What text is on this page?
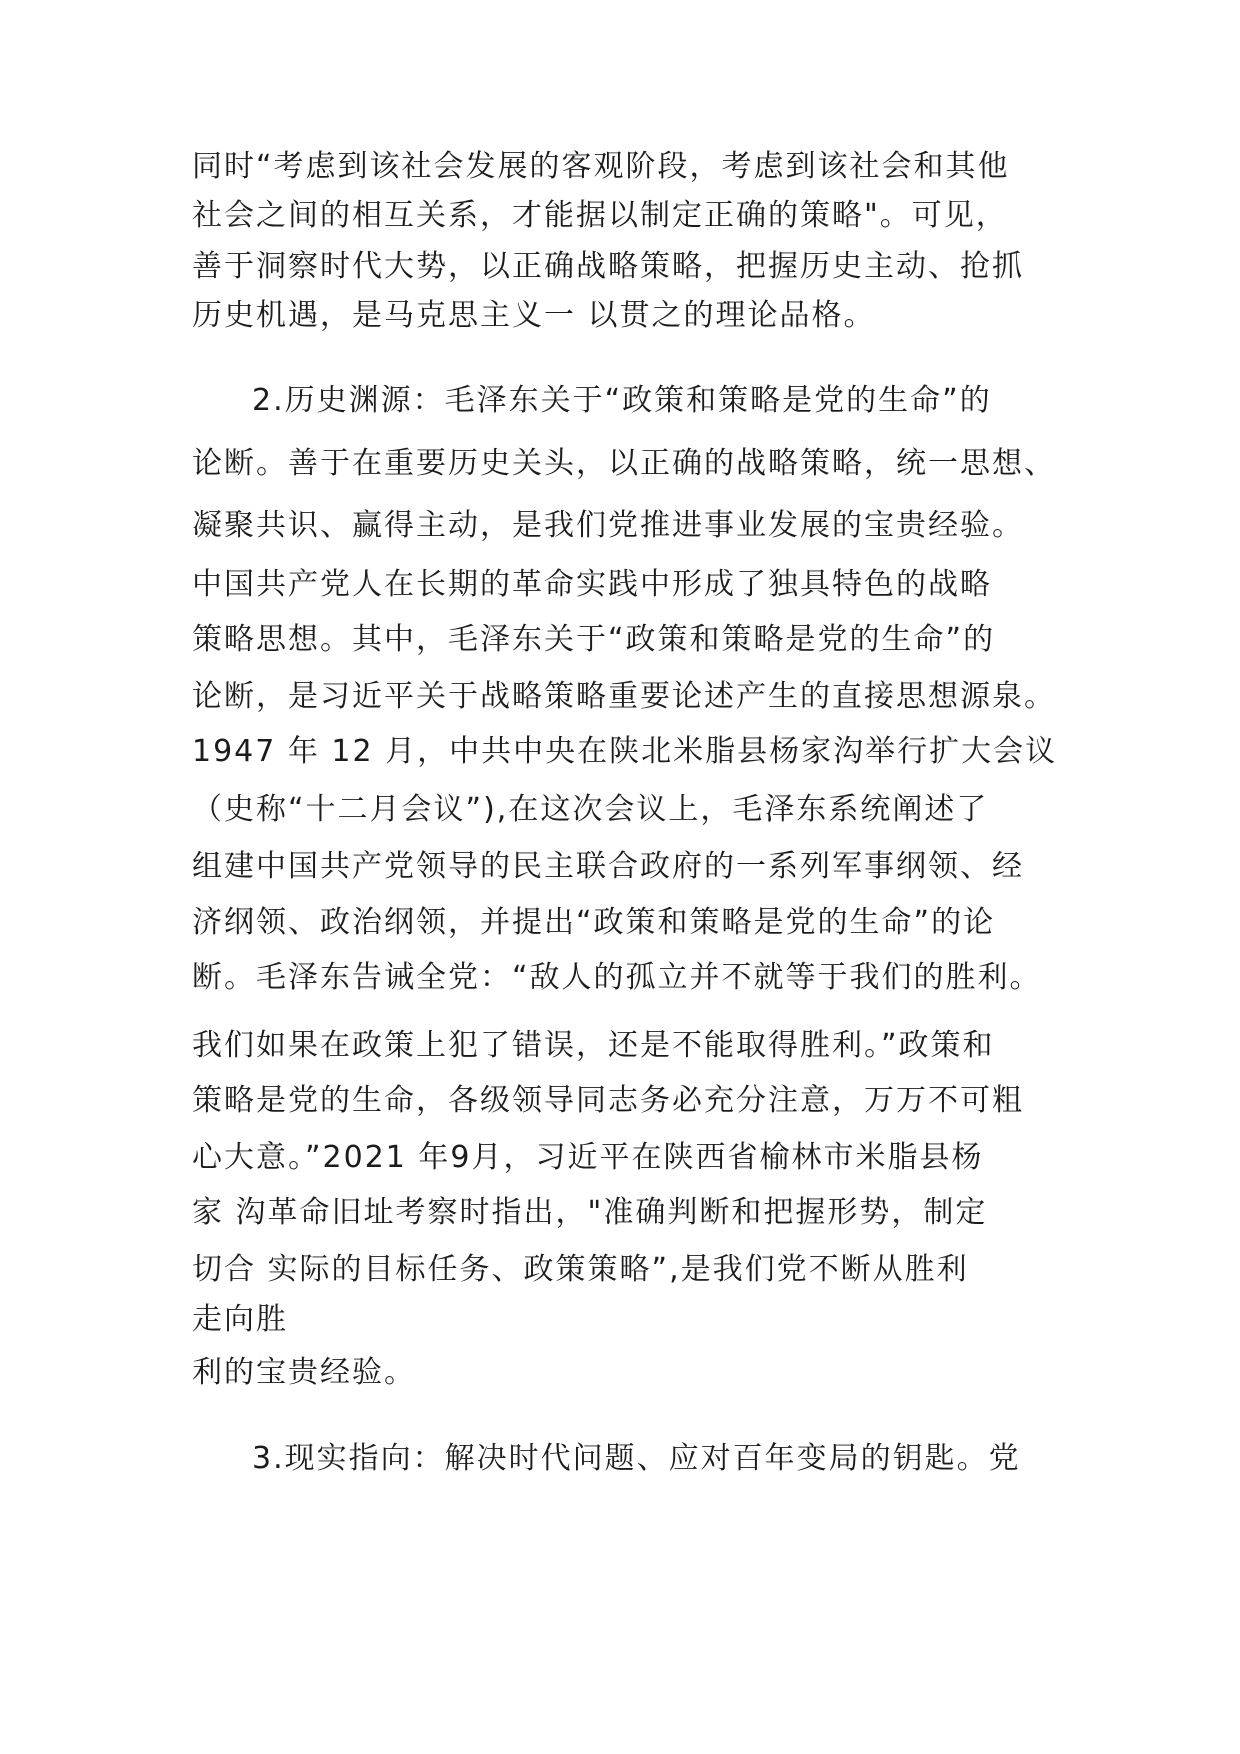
同时“考虑到该社会发展的客观阶段，考虑到该社会和其他
社会之间的相互关系，才能据以制定正确的策略"。可见，
善于洞察时代大势，以正确战略策略，把握历史主动、抢抓
历史机遇，是马克思主义一 以贯之的理论品格。
2.历史渊源：毛泽东关于“政策和策略是党的生命”的
论断。善于在重要历史关头，以正确的战略策略，统一思想、
凝聚共识、赢得主动，是我们党推进事业发展的宝贵经验。
中国共产党人在长期的革命实践中形成了独具特色的战略
策略思想。其中，毛泽东关于“政策和策略是党的生命”的
论断，是习近平关于战略策略重要论述产生的直接思想源泉。
1947 年 12 月，中共中央在陕北米脂县杨家沟举行扩大会议
（史称“十二月会议”),在这次会议上，毛泽东系统阐述了
组建中国共产党领导的民主联合政府的一系列军事纲领、经
济纲领、政治纲领，并提出“政策和策略是党的生命”的论
断。毛泽东告诫全党：“敌人的孤立并不就等于我们的胜利。
我们如果在政策上犯了错误，还是不能取得胜利。”政策和
策略是党的生命，各级领导同志务必充分注意，万万不可粗
心大意。”2021 年9月，习近平在陕西省榆林市米脂县杨
家 沟革命旧址考察时指出，"准确判断和把握形势，制定
切合 实际的目标任务、政策策略”,是我们党不断从胜利
走向胜
利的宝贵经验。
3.现实指向：解决时代问题、应对百年变局的钥匙。党
